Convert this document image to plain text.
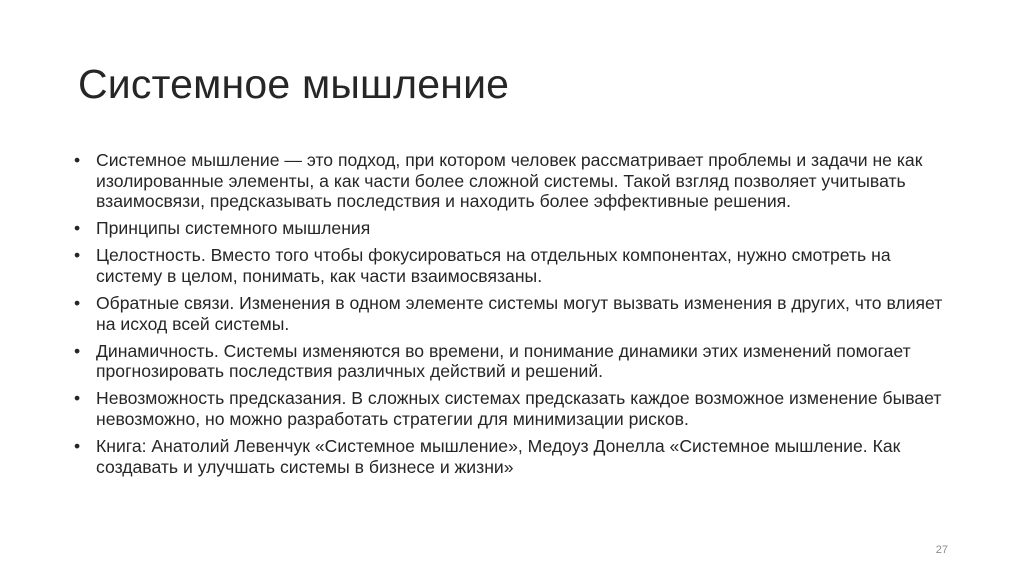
Системное мышление
• Системное мышление — это подход, при котором человек рассматривает проблемы и задачи не как изолированные элементы, а как части более сложной системы. Такой взгляд позволяет учитывать взаимосвязи, предсказывать последствия и находить более эффективные решения.
• Принципы системного мышления
• Целостность. Вместо того чтобы фокусироваться на отдельных компонентах, нужно смотреть на систему в целом, понимать, как части взаимосвязаны.
• Обратные связи. Изменения в одном элементе системы могут вызвать изменения в других, что влияет на исход всей системы.
• Динамичность. Системы изменяются во времени, и понимание динамики этих изменений помогает прогнозировать последствия различных действий и решений.
• Невозможность предсказания. В сложных системах предсказать каждое возможное изменение бывает невозможно, но можно разработать стратегии для минимизации рисков.
• Книга: Анатолий Левенчук «Системное мышление», Медоуз Донелла «Системное мышление. Как создавать и улучшать системы в бизнесе и жизни»
27
